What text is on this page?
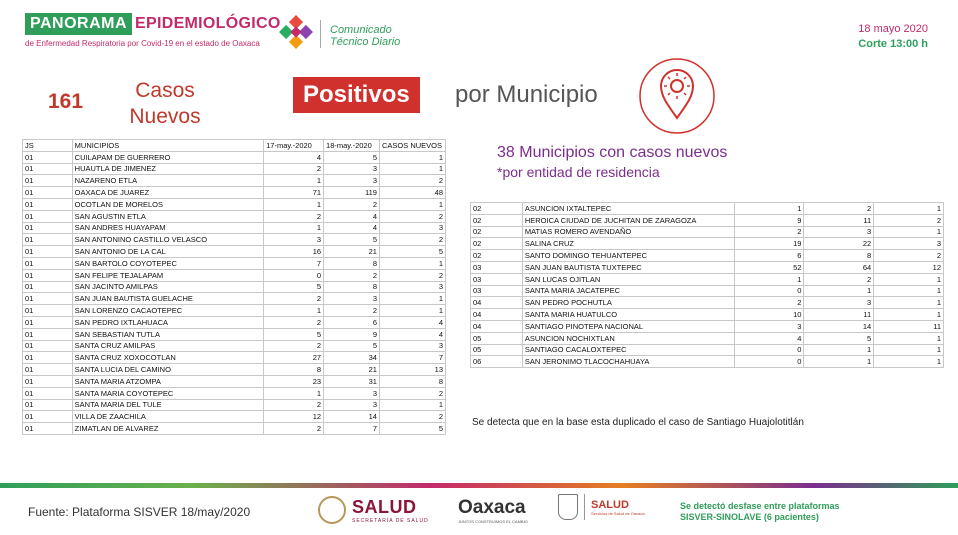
PANORAMA EPIDEMIOLÓGICO
de Enfermedad Respiratoria por Covid-19 en el estado de Oaxaca
Comunicado
Técnico Diario
18 mayo 2020
Corte 13:00 h
161	Casos
Nuevos
Positivos	por Municipio
38 Municipios con casos nuevos
*por entidad de residencia
JS	MUNICIPIOS	17-may.-2020	18-may.-2020	CASOS NUEVOS
01	CUILAPAM DE GUERRERO	4	5	1
01	HUAUTLA DE JIMENEZ	2	3	1
01	NAZARENO ETLA	1	3	2
01	OAXACA DE JUAREZ	71	119	48
01	OCOTLAN DE MORELOS	1	2	1
01	SAN AGUSTIN ETLA	2	4	2
01	SAN ANDRES HUAYAPAM	1	4	3
01	SAN ANTONINO CASTILLO VELASCO	3	5	2
01	SAN ANTONIO DE LA CAL	16	21	5
01	SAN BARTOLO COYOTEPEC	7	8	1
01	SAN FELIPE TEJALAPAM	0	2	2
01	SAN JACINTO AMILPAS	5	8	3
01	SAN JUAN BAUTISTA GUELACHE	2	3	1
01	SAN LORENZO CACAOTEPEC	1	2	1
01	SAN PEDRO IXTLAHUACA	2	6	4
01	SAN SEBASTIAN TUTLA	5	9	4
01	SANTA CRUZ AMILPAS	2	5	3
01	SANTA CRUZ XOXOCOTLAN	27	34	7
01	SANTA LUCIA DEL CAMINO	8	21	13
01	SANTA MARIA ATZOMPA	23	31	8
01	SANTA MARIA COYOTEPEC	1	3	2
01	SANTA MARIA DEL TULE	2	3	1
01	VILLA DE ZAACHILA	12	14	2
01	ZIMATLAN DE ALVAREZ	2	7	5
02	ASUNCION IXTALTEPEC	1	2	1
02	HEROICA CIUDAD DE JUCHITAN DE ZARAGOZA	9	11	2
02	MATIAS ROMERO AVENDAÑO	2	3	1
02	SALINA CRUZ	19	22	3
02	SANTO DOMINGO TEHUANTEPEC	6	8	2
03	SAN JUAN BAUTISTA TUXTEPEC	52	64	12
03	SAN LUCAS OJITLAN	1	2	1
03	SANTA MARIA JACATEPEC	0	1	1
04	SAN PEDRO POCHUTLA	2	3	1
04	SANTA MARIA HUATULCO	10	11	1
04	SANTIAGO PINOTEPA NACIONAL	3	14	11
05	ASUNCION NOCHIXTLAN	4	5	1
05	SANTIAGO CACALOXTEPEC	0	1	1
06	SAN JERONIMO TLACOCHAHUAYA	0	1	1
Se detecta que en la base esta duplicado el caso de Santiago Huajolotitlán
Fuente: Plataforma SISVER 18/may/2020	SALUD
SECRETARÍA DE SALUD
Oaxaca
JUNTOS CONSTRUIMOS EL CAMBIO
SALUD
Servicios de Salud de Oaxaca
Se detectó desfase entre plataformas
SISVER-SINOLAVE (6 pacientes)
